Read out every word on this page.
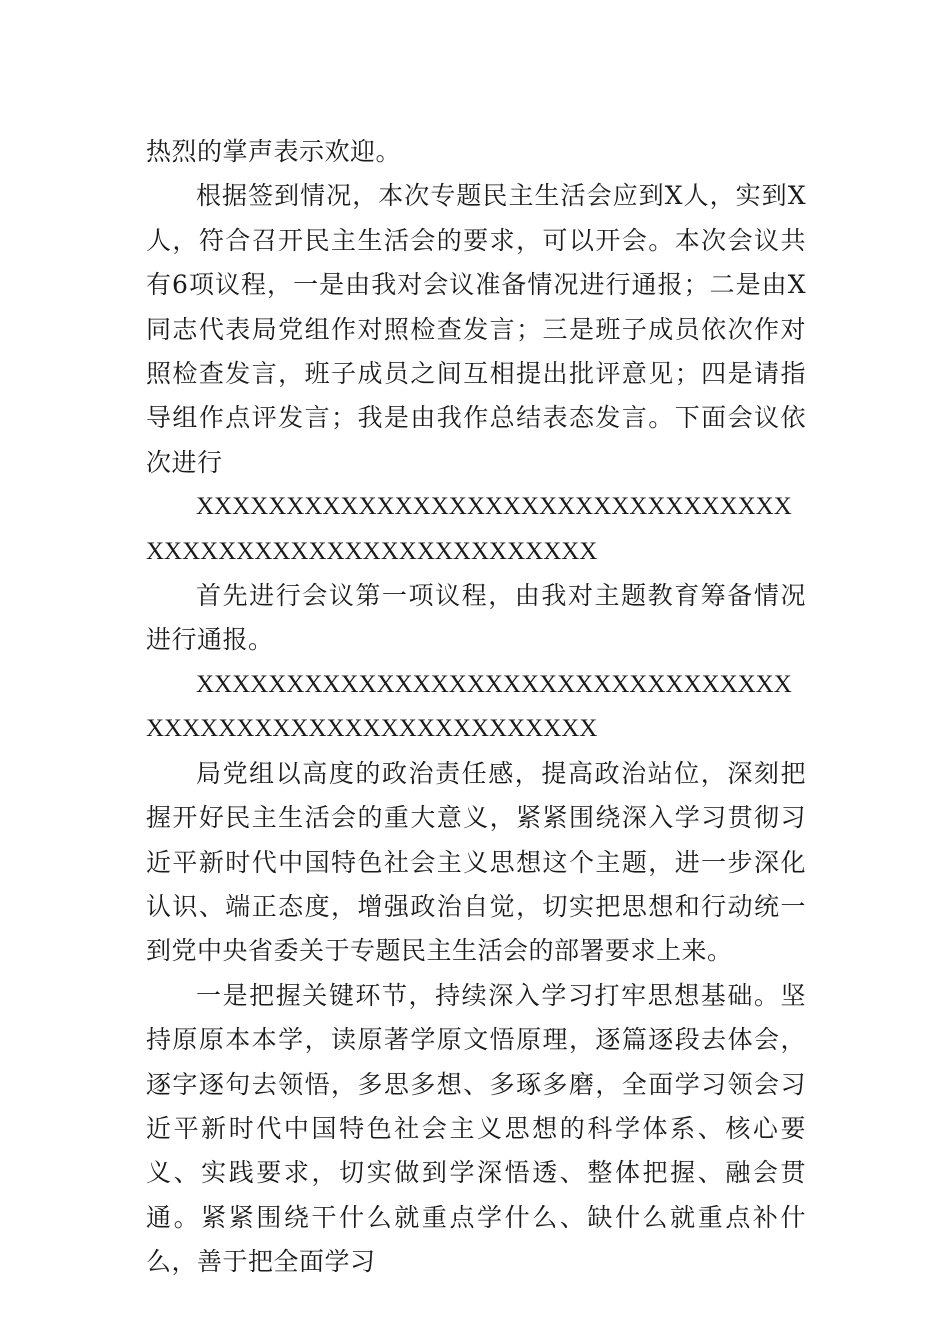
热烈的掌声表示欢迎。

根据签到情况，本次专题民主生活会应到X人，实到X人，符合召开民主生活会的要求，可以开会。本次会议共有6项议程，一是由我对会议准备情况进行通报；二是由X同志代表局党组作对照检查发言；三是班子成员依次作对照检查发言，班子成员之间互相提出批评意见；四是请指导组作点评发言；我是由我作总结表态发言。下面会议依次进行

XXXXXXXXXXXXXXXXXXXXXXXXXXXXXXXXXXXXXXXXXXXXXXXXXXXXXXXXXX

首先进行会议第一项议程，由我对主题教育筹备情况进行通报。

XXXXXXXXXXXXXXXXXXXXXXXXXXXXXXXXXXXXXXXXXXXXXXXXXXXXXXXXXX

局党组以高度的政治责任感，提高政治站位，深刻把握开好民主生活会的重大意义，紧紧围绕深入学习贯彻习近平新时代中国特色社会主义思想这个主题，进一步深化认识、端正态度，增强政治自觉，切实把思想和行动统一到党中央省委关于专题民主生活会的部署要求上来。

一是把握关键环节，持续深入学习打牢思想基础。坚持原原本本学，读原著学原文悟原理，逐篇逐段去体会，逐字逐句去领悟，多思多想、多琢多磨，全面学习领会习近平新时代中国特色社会主义思想的科学体系、核心要义、实践要求，切实做到学深悟透、整体把握、融会贯通。紧紧围绕干什么就重点学什么、缺什么就重点补什么，善于把全面学习
